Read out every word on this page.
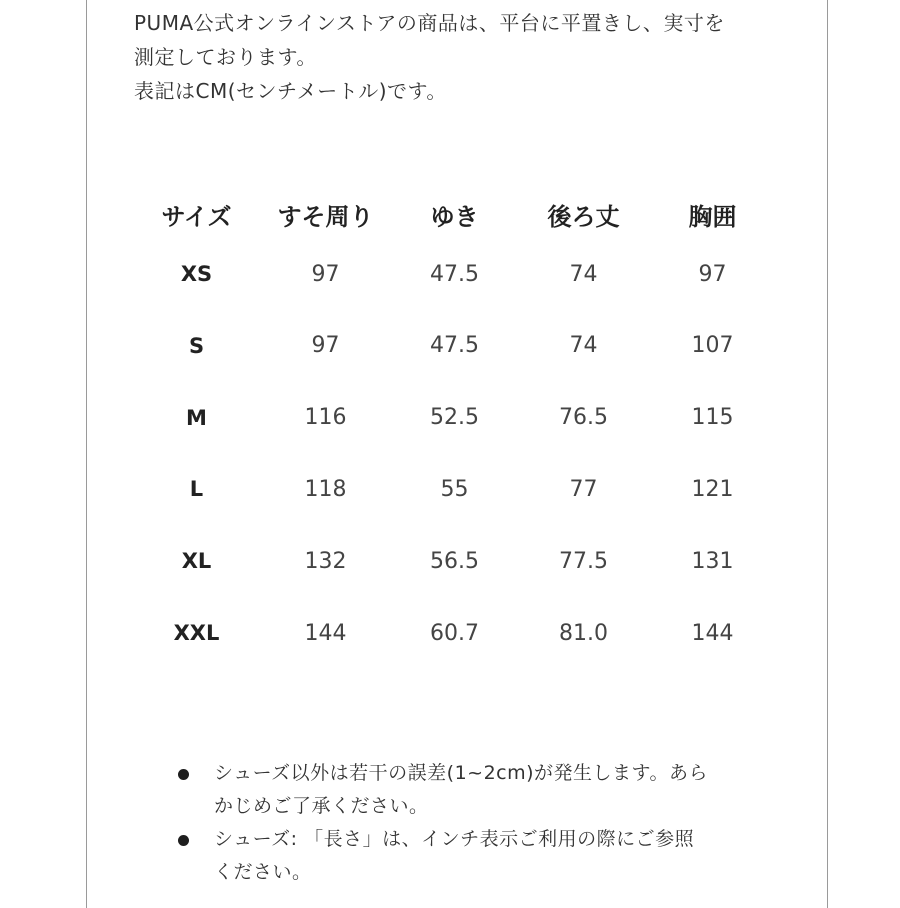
PUMA公式オンラインストアの商品は、平台に平置きし、実寸を
測定しております。
表記はCM(センチメートル)です。
サイズ	すそ周り	ゆき	後ろ丈	胸囲
XS	97	47.5	74	97
S	97	47.5	74	107
M	116	52.5	76.5	115
L	118	55	77	121
XL	132	56.5	77.5	131
XXL	144	60.7	81.0	144
シューズ以外は若干の誤差(1~2cm)が発生します。あら
かじめご了承ください。
シューズ: 「長さ」は、インチ表示ご利用の際にご参照
ください。
